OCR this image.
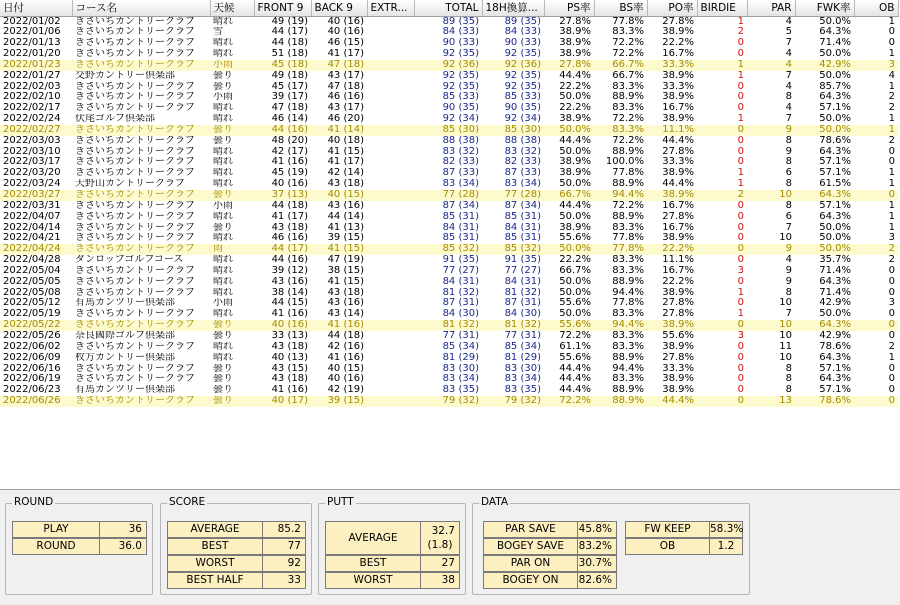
日付	コース名	天候	FRONT 9	BACK 9	EXTR...	TOTAL	18H換算...	PS率	BS率	PO率	BIRDIE	PAR	FWK率	OB
2022/01/02	きさいちカントリークラブ	晴れ	49 (19)	40 (16)		89 (35)	89 (35)	27.8%	77.8%	27.8%	1	4	50.0%	1
2022/01/06	きさいちカントリークラブ	雪	44 (17)	40 (16)		84 (33)	84 (33)	38.9%	83.3%	38.9%	2	5	64.3%	0
2022/01/13	きさいちカントリークラブ	晴れ	44 (18)	46 (15)		90 (33)	90 (33)	38.9%	72.2%	22.2%	0	7	71.4%	0
2022/01/20	きさいちカントリークラブ	晴れ	51 (18)	41 (17)		92 (35)	92 (35)	38.9%	72.2%	16.7%	0	4	50.0%	1
2022/01/23	きさいちカントリークラブ	小雨	45 (18)	47 (18)		92 (36)	92 (36)	27.8%	66.7%	33.3%	1	4	42.9%	3
2022/01/27	交野カントリー倶楽部	曇り	49 (18)	43 (17)		92 (35)	92 (35)	44.4%	66.7%	38.9%	1	7	50.0%	4
2022/02/03	きさいちカントリークラブ	曇り	45 (17)	47 (18)		92 (35)	92 (35)	22.2%	83.3%	33.3%	0	4	85.7%	1
2022/02/10	きさいちカントリークラブ	小雨	39 (17)	46 (16)		85 (33)	85 (33)	50.0%	88.9%	38.9%	0	8	64.3%	2
2022/02/17	きさいちカントリークラブ	晴れ	47 (18)	43 (17)		90 (35)	90 (35)	22.2%	83.3%	16.7%	0	4	57.1%	2
2022/02/24	伏尾ゴルフ倶楽部	晴れ	46 (14)	46 (20)		92 (34)	92 (34)	38.9%	72.2%	38.9%	1	7	50.0%	1
2022/02/27	きさいちカントリークラブ	曇り	44 (16)	41 (14)		85 (30)	85 (30)	50.0%	83.3%	11.1%	0	9	50.0%	1
2022/03/03	きさいちカントリークラブ	曇り	48 (20)	40 (18)		88 (38)	88 (38)	44.4%	72.2%	44.4%	0	8	78.6%	2
2022/03/10	きさいちカントリークラブ	晴れ	42 (17)	41 (15)		83 (32)	83 (32)	50.0%	88.9%	27.8%	0	9	64.3%	0
2022/03/17	きさいちカントリークラブ	晴れ	41 (16)	41 (17)		82 (33)	82 (33)	38.9%	100.0%	33.3%	0	8	57.1%	0
2022/03/20	きさいちカントリークラブ	晴れ	45 (19)	42 (14)		87 (33)	87 (33)	38.9%	77.8%	38.9%	1	6	57.1%	1
2022/03/24	天野山カントリークラブ	晴れ	40 (16)	43 (18)		83 (34)	83 (34)	50.0%	88.9%	44.4%	1	8	61.5%	1
2022/03/27	きさいちカントリークラブ	曇り	37 (13)	40 (15)		77 (28)	77 (28)	66.7%	94.4%	38.9%	2	10	64.3%	0
2022/03/31	きさいちカントリークラブ	小雨	44 (18)	43 (16)		87 (34)	87 (34)	44.4%	72.2%	16.7%	0	8	57.1%	1
2022/04/07	きさいちカントリークラブ	晴れ	41 (17)	44 (14)		85 (31)	85 (31)	50.0%	88.9%	27.8%	0	6	64.3%	1
2022/04/14	きさいちカントリークラブ	曇り	43 (18)	41 (13)		84 (31)	84 (31)	38.9%	83.3%	16.7%	0	7	50.0%	1
2022/04/21	きさいちカントリークラブ	晴れ	46 (16)	39 (15)		85 (31)	85 (31)	55.6%	77.8%	38.9%	0	10	50.0%	3
2022/04/24	きさいちカントリークラブ	雨	44 (17)	41 (15)		85 (32)	85 (32)	50.0%	77.8%	22.2%	0	9	50.0%	2
2022/04/28	ダンロップゴルフコース	晴れ	44 (16)	47 (19)		91 (35)	91 (35)	22.2%	83.3%	11.1%	0	4	35.7%	2
2022/05/04	きさいちカントリークラブ	晴れ	39 (12)	38 (15)		77 (27)	77 (27)	66.7%	83.3%	16.7%	3	9	71.4%	0
2022/05/05	きさいちカントリークラブ	晴れ	43 (16)	41 (15)		84 (31)	84 (31)	50.0%	88.9%	22.2%	0	9	64.3%	0
2022/05/08	きさいちカントリークラブ	晴れ	38 (14)	43 (18)		81 (32)	81 (32)	50.0%	94.4%	38.9%	1	8	71.4%	0
2022/05/12	有馬カンツリー倶楽部	小雨	44 (15)	43 (16)		87 (31)	87 (31)	55.6%	77.8%	27.8%	0	10	42.9%	3
2022/05/19	きさいちカントリークラブ	晴れ	41 (16)	43 (14)		84 (30)	84 (30)	50.0%	83.3%	27.8%	1	7	50.0%	0
2022/05/22	きさいちカントリークラブ	曇り	40 (16)	41 (16)		81 (32)	81 (32)	55.6%	94.4%	38.9%	0	10	64.3%	0
2022/05/26	奈良國際ゴルフ倶楽部	曇り	33 (13)	44 (18)		77 (31)	77 (31)	72.2%	83.3%	55.6%	3	10	42.9%	0
2022/06/02	きさいちカントリークラブ	晴れ	43 (18)	42 (16)		85 (34)	85 (34)	61.1%	83.3%	38.9%	0	11	78.6%	2
2022/06/09	枚方カントリー倶楽部	晴れ	40 (13)	41 (16)		81 (29)	81 (29)	55.6%	88.9%	27.8%	0	10	64.3%	1
2022/06/16	きさいちカントリークラブ	曇り	43 (15)	40 (15)		83 (30)	83 (30)	44.4%	94.4%	33.3%	0	8	57.1%	0
2022/06/19	きさいちカントリークラブ	曇り	43 (18)	40 (16)		83 (34)	83 (34)	44.4%	83.3%	38.9%	0	8	64.3%	0
2022/06/23	有馬カンツリー倶楽部	曇り	41 (16)	42 (19)		83 (35)	83 (35)	44.4%	88.9%	38.9%	0	8	57.1%	0
2022/06/26	きさいちカントリークラブ	曇り	40 (17)	39 (15)		79 (32)	79 (32)	72.2%	88.9%	44.4%	0	13	78.6%	0
ROUND
PLAY	36
ROUND	36.0
SCORE
AVERAGE	85.2
BEST	77
WORST	92
BEST HALF	33
PUTT
AVERAGE
32.7
(1.8)
BEST	27
WORST	38
DATA
PAR SAVE	45.8%
BOGEY SAVE	83.2%
PAR ON	30.7%
BOGEY ON	82.6%
FW KEEP	58.3%
OB	1.2
